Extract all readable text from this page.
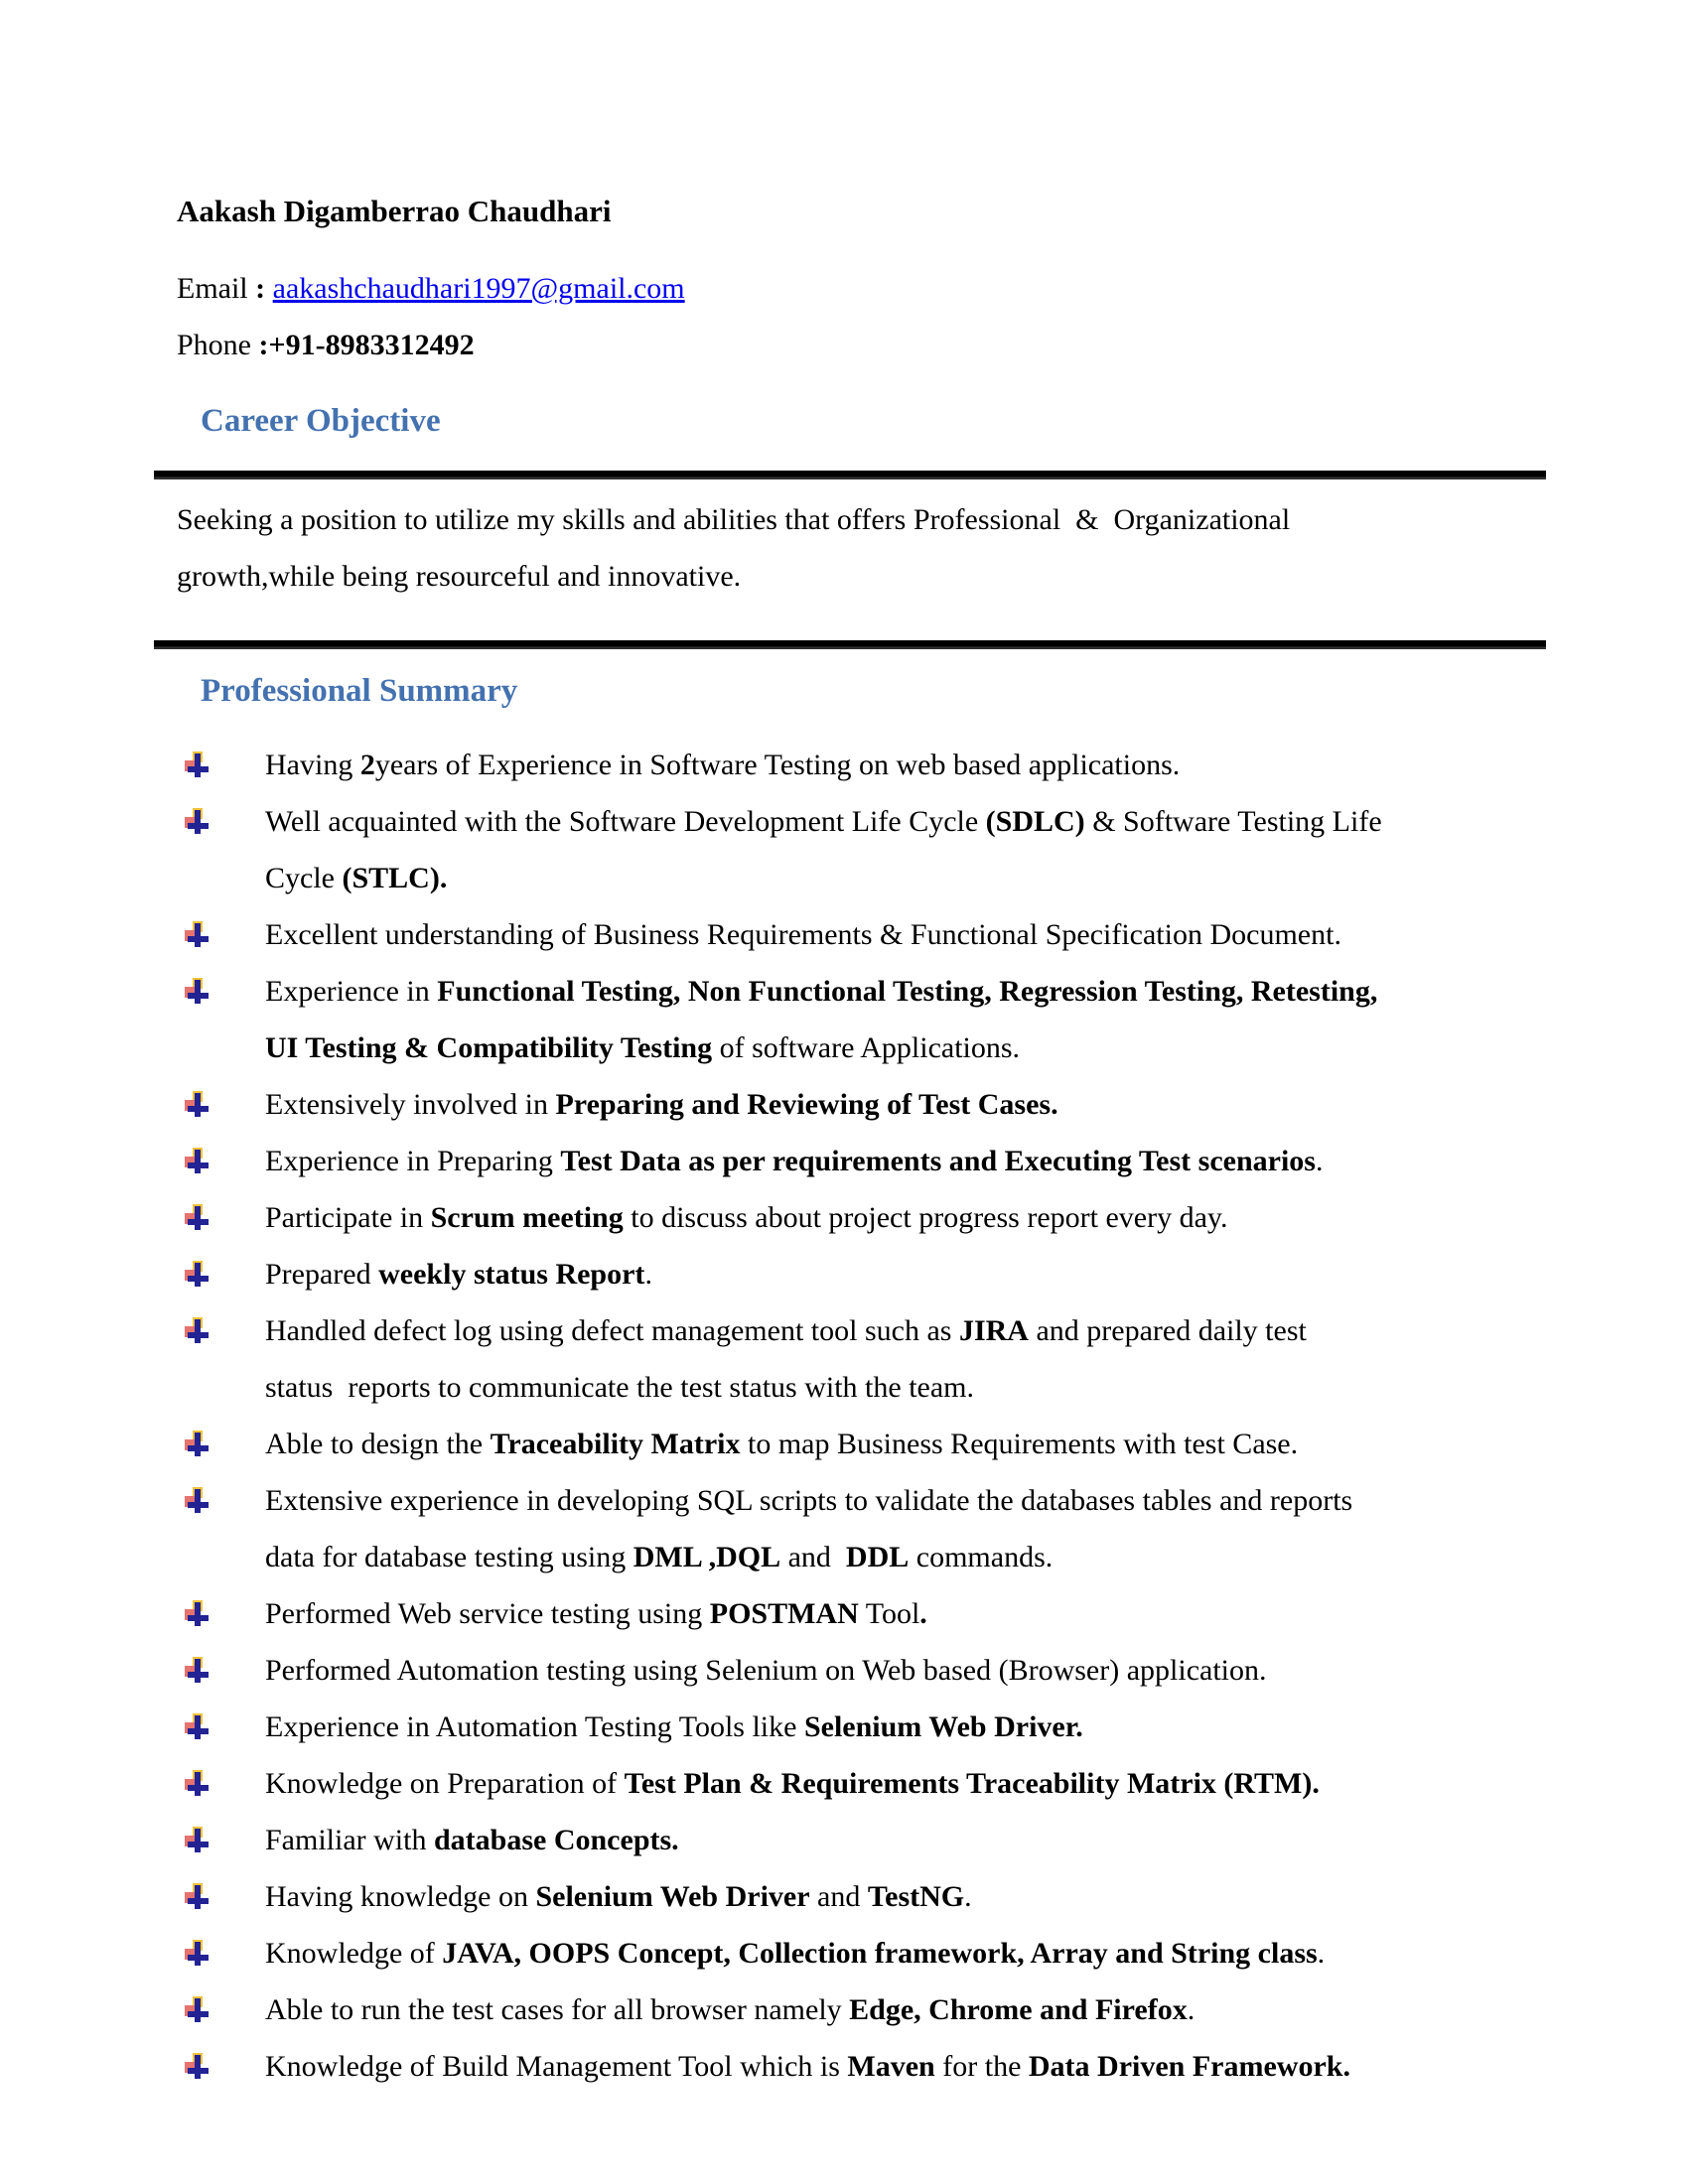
Aakash Digamberrao Chaudhari
Email : aakashchaudhari1997@gmail.com
Phone :+91-8983312492
Career Objective
Seeking a position to utilize my skills and abilities that offers Professional  &  Organizational
growth,while being resourceful and innovative.
Professional Summary
Having 2years of Experience in Software Testing on web based applications.
Well acquainted with the Software Development Life Cycle (SDLC) & Software Testing Life
Cycle (STLC).
Excellent understanding of Business Requirements & Functional Specification Document.
Experience in Functional Testing, Non Functional Testing, Regression Testing, Retesting,
UI Testing & Compatibility Testing of software Applications.
Extensively involved in Preparing and Reviewing of Test Cases.
Experience in Preparing Test Data as per requirements and Executing Test scenarios.
Participate in Scrum meeting to discuss about project progress report every day.
Prepared weekly status Report.
Handled defect log using defect management tool such as JIRA and prepared daily test
status  reports to communicate the test status with the team.
Able to design the Traceability Matrix to map Business Requirements with test Case.
Extensive experience in developing SQL scripts to validate the databases tables and reports
data for database testing using DML ,DQL and  DDL commands.
Performed Web service testing using POSTMAN Tool.
Performed Automation testing using Selenium on Web based (Browser) application.
Experience in Automation Testing Tools like Selenium Web Driver.
Knowledge on Preparation of Test Plan & Requirements Traceability Matrix (RTM).
Familiar with database Concepts.
Having knowledge on Selenium Web Driver and TestNG.
Knowledge of JAVA, OOPS Concept, Collection framework, Array and String class.
Able to run the test cases for all browser namely Edge, Chrome and Firefox.
Knowledge of Build Management Tool which is Maven for the Data Driven Framework.
